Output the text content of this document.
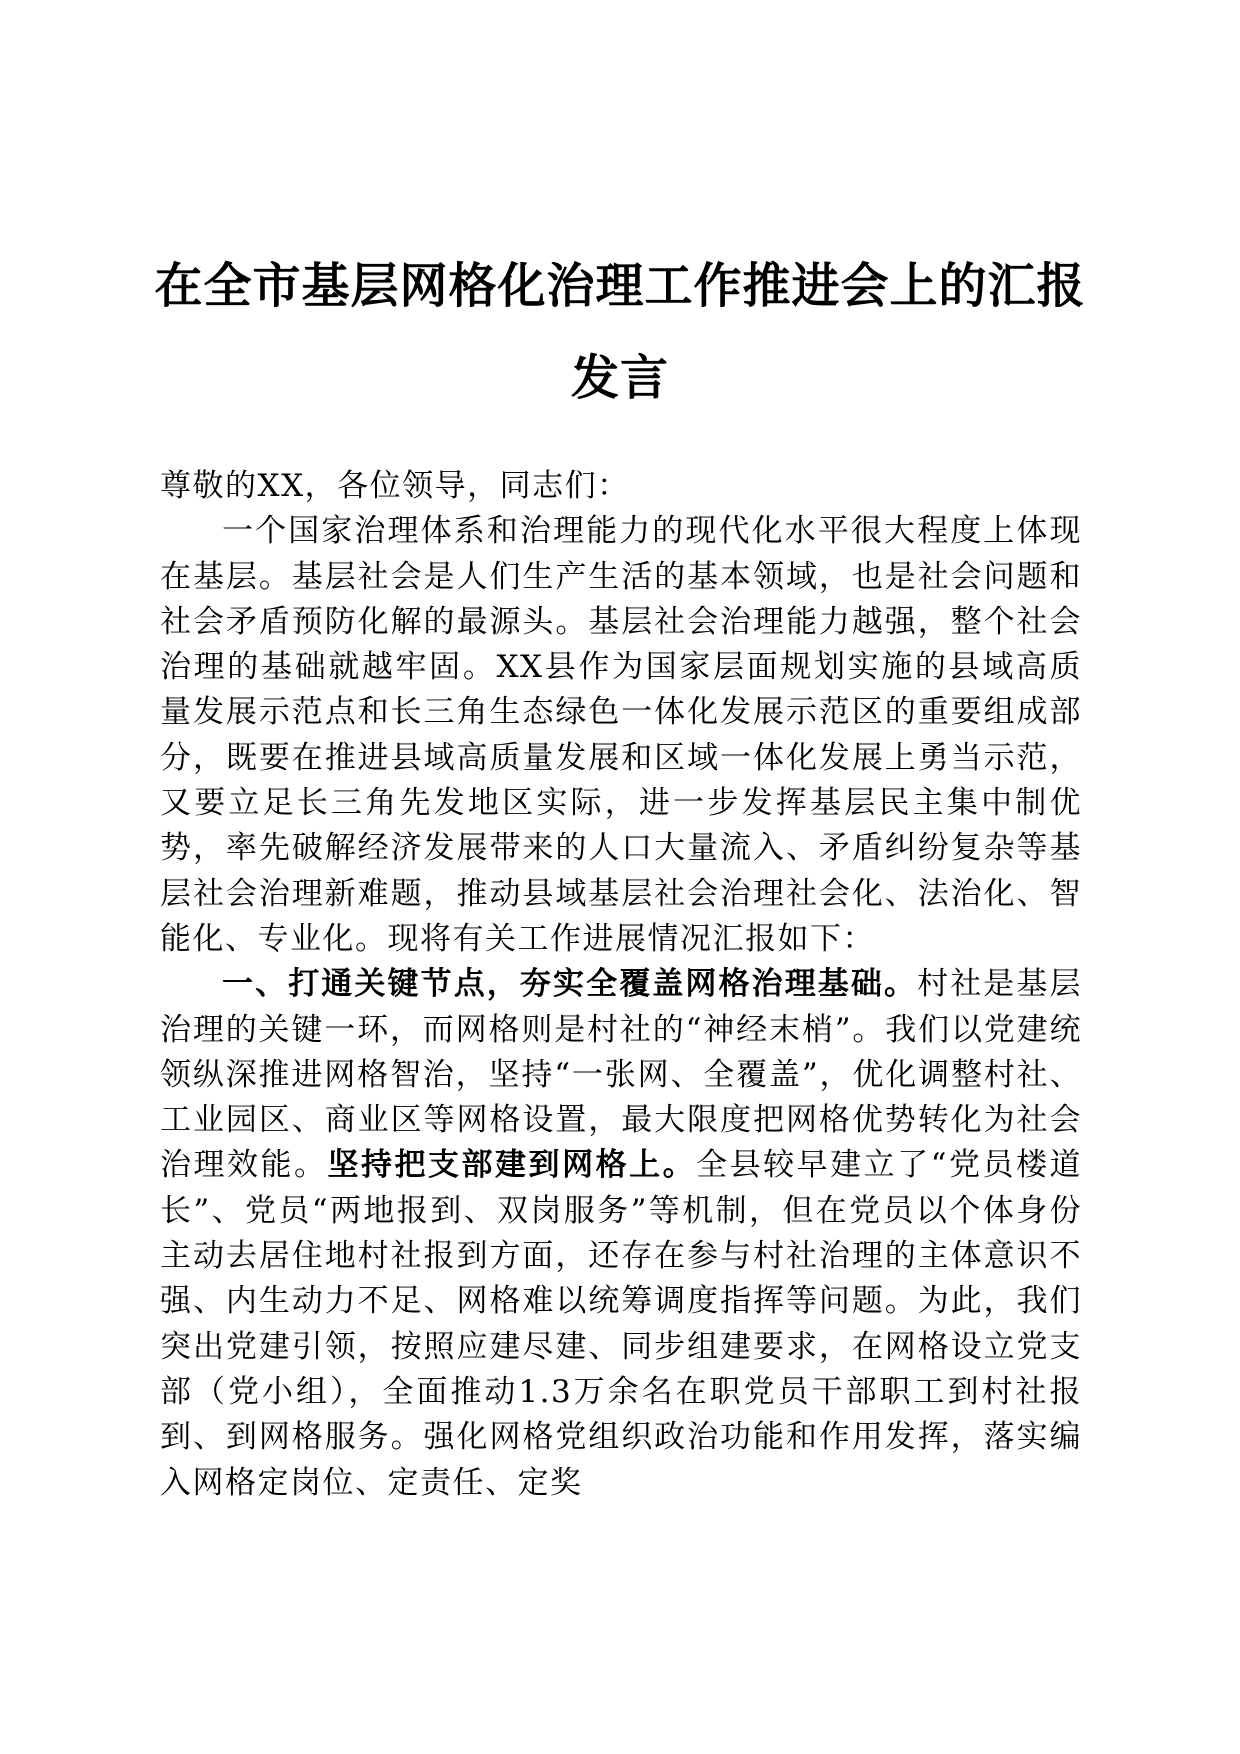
在全市基层网格化治理工作推进会上的汇报发言

尊敬的XX，各位领导，同志们：

一个国家治理体系和治理能力的现代化水平很大程度上体现在基层。基层社会是人们生产生活的基本领域，也是社会问题和社会矛盾预防化解的最源头。基层社会治理能力越强，整个社会治理的基础就越牢固。XX县作为国家层面规划实施的县域高质量发展示范点和长三角生态绿色一体化发展示范区的重要组成部分，既要在推进县域高质量发展和区域一体化发展上勇当示范，又要立足长三角先发地区实际，进一步发挥基层民主集中制优势，率先破解经济发展带来的人口大量流入、矛盾纠纷复杂等基层社会治理新难题，推动县域基层社会治理社会化、法治化、智能化、专业化。现将有关工作进展情况汇报如下：

一、打通关键节点，夯实全覆盖网格治理基础。村社是基层治理的关键一环，而网格则是村社的“神经末梢”。我们以党建统领纵深推进网格智治，坚持“一张网、全覆盖”，优化调整村社、工业园区、商业区等网格设置，最大限度把网格优势转化为社会治理效能。坚持把支部建到网格上。全县较早建立了“党员楼道长”、党员“两地报到、双岗服务”等机制，但在党员以个体身份主动去居住地村社报到方面，还存在参与村社治理的主体意识不强、内生动力不足、网格难以统筹调度指挥等问题。为此，我们突出党建引领，按照应建尽建、同步组建要求，在网格设立党支部（党小组），全面推动1.3万余名在职党员干部职工到村社报到、到网格服务。强化网格党组织政治功能和作用发挥，落实编入网格定岗位、定责任、定奖
